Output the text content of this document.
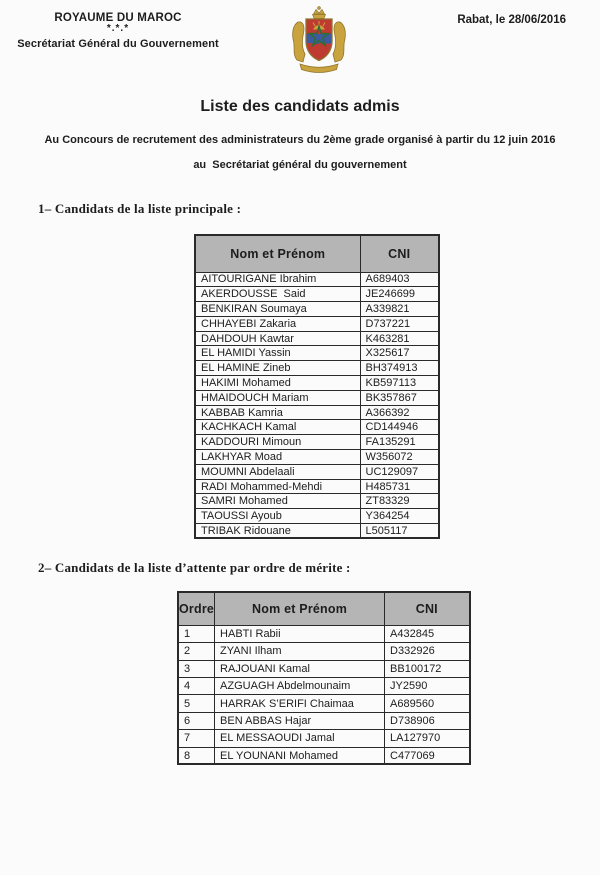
ROYAUME DU MAROC
*.*.*
Secrétariat Général du Gouvernement
Rabat, le 28/06/2016
Liste des candidats admis
Au Concours de recrutement des administrateurs du 2ème grade organisé à partir du 12 juin 2016
au  Secrétariat général du gouvernement
1– Candidats de la liste principale :
Nom et Prénom	CNI
AITOURIGANE Ibrahim	A689403
AKERDOUSSE  Said	JE246699
BENKIRAN Soumaya	A339821
CHHAYEBI Zakaria	D737221
DAHDOUH Kawtar	K463281
EL HAMIDI Yassin	X325617
EL HAMINE Zineb	BH374913
HAKIMI Mohamed	KB597113
HMAIDOUCH Mariam	BK357867
KABBAB Kamria	A366392
KACHKACH Kamal	CD144946
KADDOURI Mimoun	FA135291
LAKHYAR Moad	W356072
MOUMNI Abdelaali	UC129097
RADI Mohammed-Mehdi	H485731
SAMRI Mohamed	ZT83329
TAOUSSI Ayoub	Y364254
TRIBAK Ridouane	L505117
2– Candidats de la liste d’attente par ordre de mérite :
Ordre	Nom et Prénom	CNI
1	HABTI Rabii	A432845
2	ZYANI Ilham	D332926
3	RAJOUANI Kamal	BB100172
4	AZGUAGH Abdelmounaim	JY2590
5	HARRAK S’ERIFI Chaimaa	A689560
6	BEN ABBAS Hajar	D738906
7	EL MESSAOUDI Jamal	LA127970
8	EL YOUNANI Mohamed	C477069
